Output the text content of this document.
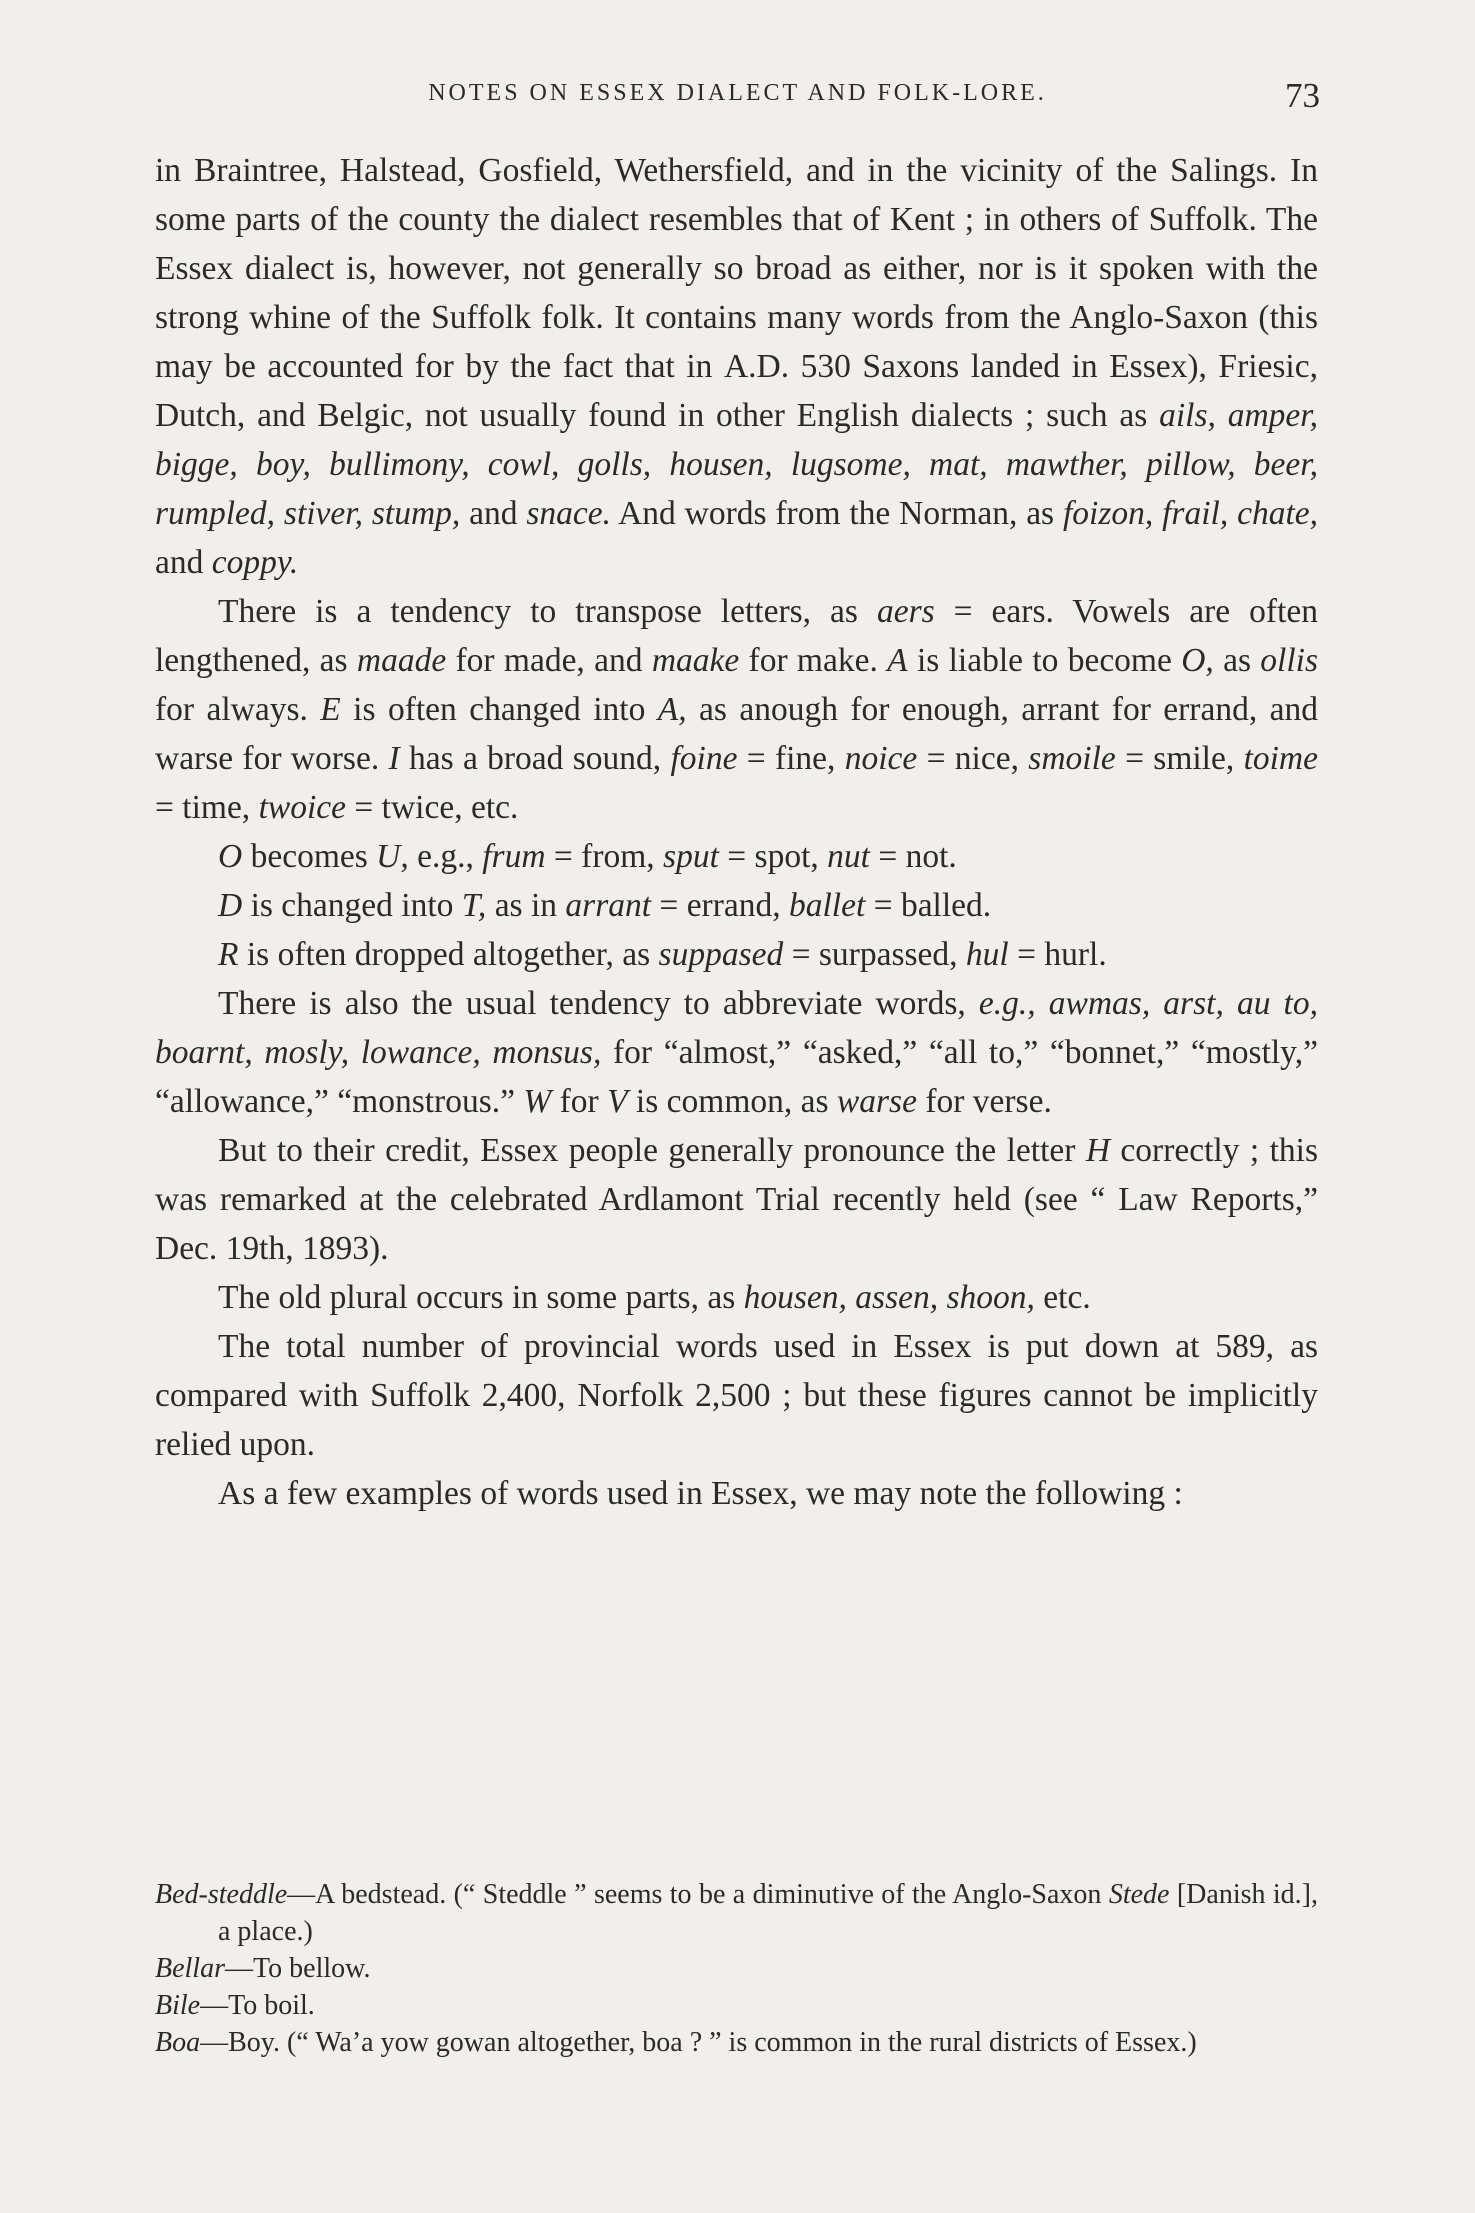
NOTES ON ESSEX DIALECT AND FOLK-LORE.	73

in Braintree, Halstead, Gosfield, Wethersfield, and in the vicinity of the Salings. In some parts of the county the dialect resembles that of Kent ; in others of Suffolk. The Essex dialect is, however, not generally so broad as either, nor is it spoken with the strong whine of the Suffolk folk. It contains many words from the Anglo-Saxon (this may be accounted for by the fact that in A.D. 530 Saxons landed in Essex), Friesic, Dutch, and Belgic, not usually found in other English dialects ; such as ails, amper, bigge, boy, bullimony, cowl, golls, housen, lugsome, mat, mawther, pillow, beer, rumpled, stiver, stump, and snace. And words from the Norman, as foizon, frail, chate, and coppy.

There is a tendency to transpose letters, as aers = ears. Vowels are often lengthened, as maade for made, and maake for make. A is liable to become O, as ollis for always. E is often changed into A, as anough for enough, arrant for errand, and warse for worse. I has a broad sound, foine = fine, noice = nice, smoile = smile, toime = time, twoice = twice, etc.

O becomes U, e.g., frum = from, sput = spot, nut = not.

D is changed into T, as in arrant = errand, ballet = balled.

R is often dropped altogether, as suppased = surpassed, hul = hurl.

There is also the usual tendency to abbreviate words, e.g., awmas, arst, au to, boarnt, mosly, lowance, monsus, for “almost,” “asked,” “all to,” “bonnet,” “mostly,” “allowance,” “monstrous.” W for V is common, as warse for verse.

But to their credit, Essex people generally pronounce the letter H correctly ; this was remarked at the celebrated Ardlamont Trial recently held (see “ Law Reports,” Dec. 19th, 1893).

The old plural occurs in some parts, as housen, assen, shoon, etc.

The total number of provincial words used in Essex is put down at 589, as compared with Suffolk 2,400, Norfolk 2,500 ; but these figures cannot be implicitly relied upon.

As a few examples of words used in Essex, we may note the following :

Bed-steddle—A bedstead. (“ Steddle ” seems to be a diminutive of the Anglo-Saxon Stede [Danish id.], a place.)

Bellar—To bellow.

Bile—To boil.

Boa—Boy. (“ Wa’a yow gowan altogether, boa ? ” is common in the rural districts of Essex.)
